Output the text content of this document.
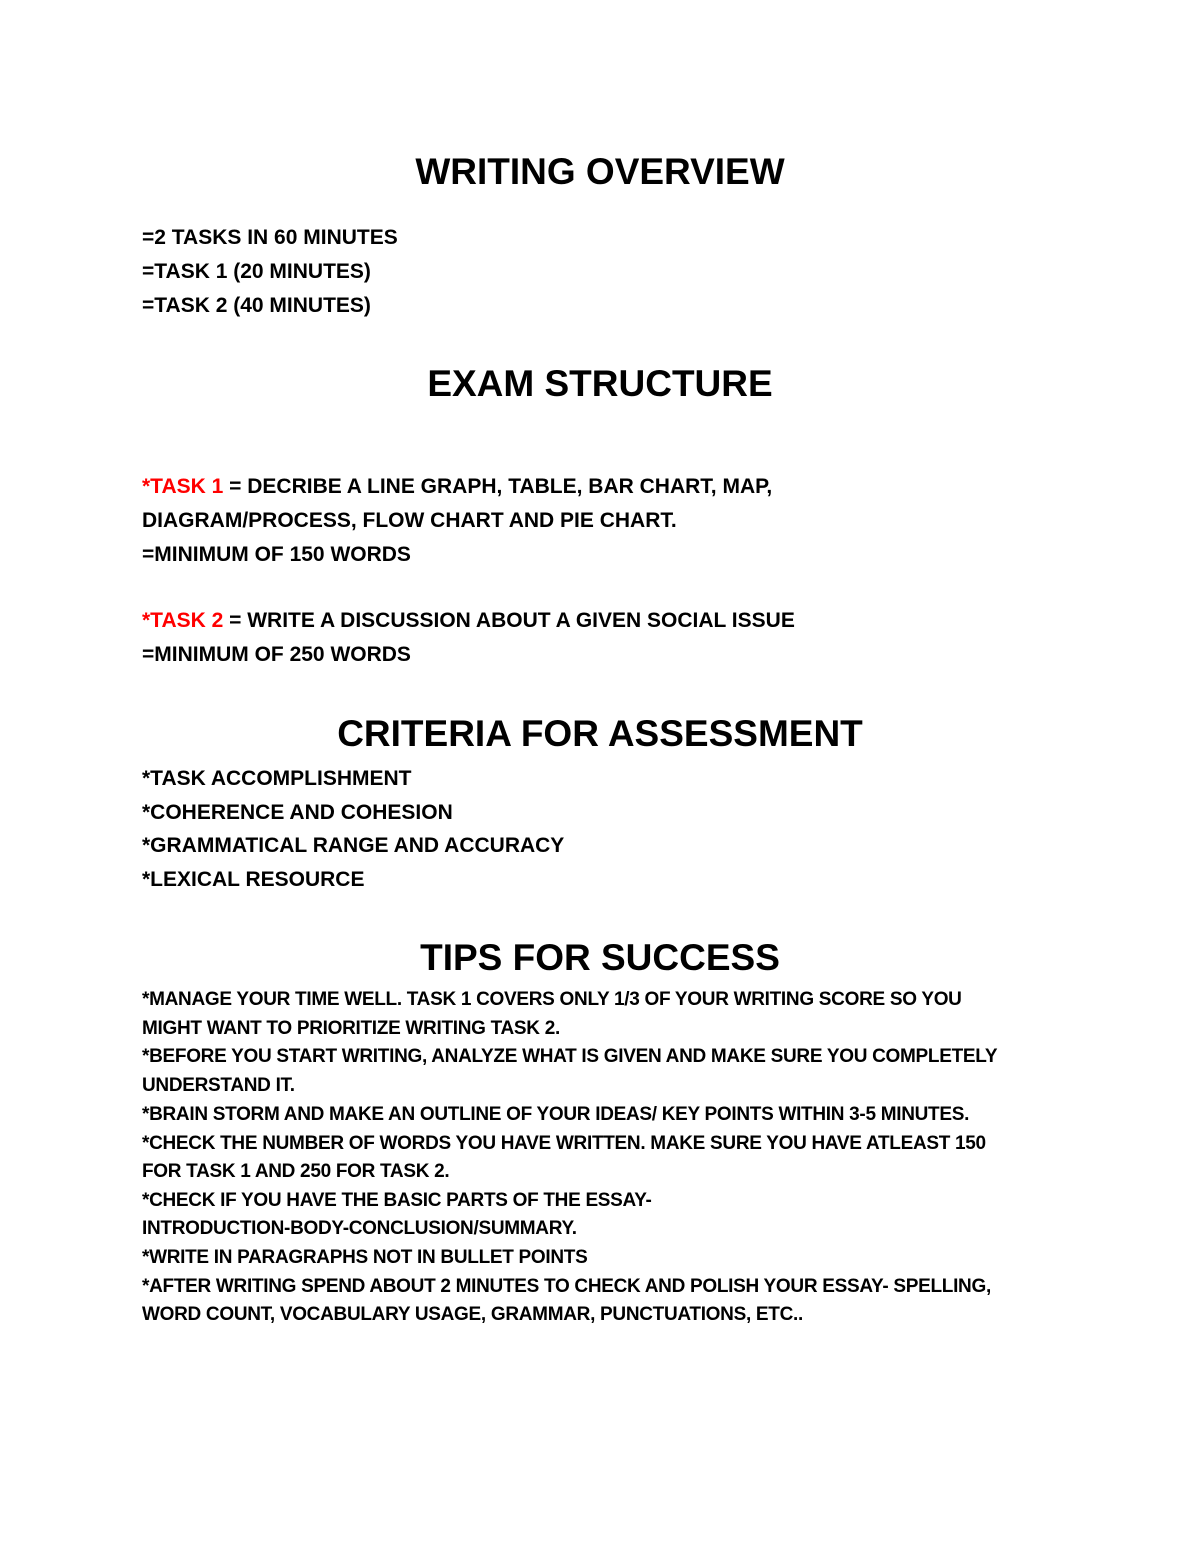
WRITING OVERVIEW

=2 TASKS IN 60 MINUTES

=TASK 1 (20 MINUTES)

=TASK 2 (40 MINUTES)

EXAM STRUCTURE

*TASK 1 = DECRIBE A LINE GRAPH, TABLE, BAR CHART, MAP,

DIAGRAM/PROCESS, FLOW CHART AND PIE CHART.

=MINIMUM OF 150 WORDS

*TASK 2 = WRITE A DISCUSSION ABOUT A GIVEN SOCIAL ISSUE

=MINIMUM OF 250 WORDS

CRITERIA FOR ASSESSMENT

*TASK ACCOMPLISHMENT

*COHERENCE AND COHESION

*GRAMMATICAL RANGE AND ACCURACY

*LEXICAL RESOURCE

TIPS FOR SUCCESS

*MANAGE YOUR TIME WELL. TASK 1 COVERS ONLY 1/3 OF YOUR WRITING SCORE SO YOU

MIGHT WANT TO PRIORITIZE WRITING TASK 2.

*BEFORE YOU START WRITING, ANALYZE WHAT IS GIVEN AND MAKE SURE YOU COMPLETELY

UNDERSTAND IT.

*BRAIN STORM AND MAKE AN OUTLINE OF YOUR IDEAS/ KEY POINTS WITHIN 3-5 MINUTES.

*CHECK THE NUMBER OF WORDS YOU HAVE WRITTEN. MAKE SURE YOU HAVE ATLEAST 150

FOR TASK 1 AND 250 FOR TASK 2.

*CHECK IF YOU HAVE THE BASIC PARTS OF THE ESSAY-

INTRODUCTION-BODY-CONCLUSION/SUMMARY.

*WRITE IN PARAGRAPHS NOT IN BULLET POINTS

*AFTER WRITING SPEND ABOUT 2 MINUTES TO CHECK AND POLISH YOUR ESSAY- SPELLING,

WORD COUNT, VOCABULARY USAGE, GRAMMAR, PUNCTUATIONS, ETC..
